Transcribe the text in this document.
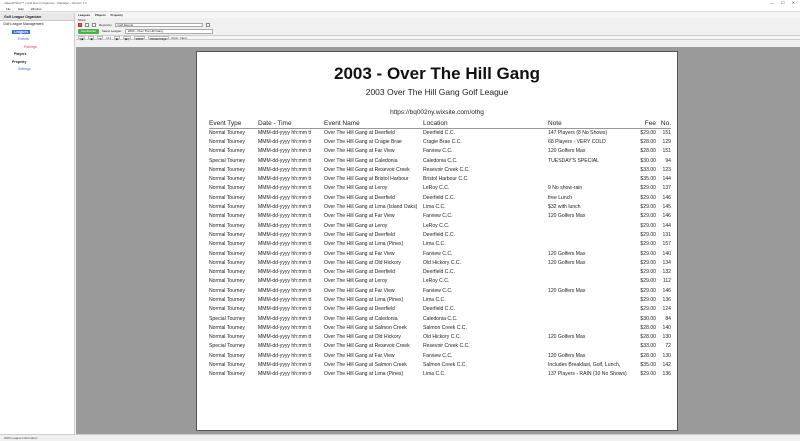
mikesGTW.0™ | Golf Event Organizer - Manager - Version 7.2	— ☐ ✕
File Help Window
Golf League Organizer
Golf League Management
Leagues
Events
Pairings
Players
Property
Settings
Leagues Players Property
Show
Report(s)	Golf Events
Get Events	Select League:	2003 - Over The Hill Gang
|◀	◀	1	of 1	▶	▶|	100%	Whole Page	Find Next
2003 - Over The Hill Gang
2003 Over The Hill Gang Golf League
https://bq002ny.wixsite.com/othg
Event Type	Date - Time	Event Name	Location	Note	Fee	No.
Normal Tourney	MMM-dd-yyyy hh:mm tt	Over The Hill Gang at Deerfield	Deerfield C.C.	147 Players (8 No Shows)	$29.00	151
Normal Tourney	MMM-dd-yyyy hh:mm tt	Over The Hill Gang at Cragie Brae	Cragie Brae C.C.	68 Players - VERY COLD	$28.00	129
Normal Tourney	MMM-dd-yyyy hh:mm tt	Over The Hill Gang at Far View	Farview C.C.	120 Golfers Max	$28.00	151
Special Tourney	MMM-dd-yyyy hh:mm tt	Over The Hill Gang at Caledonia	Caledonia C.C.	TUESDAY'S SPECIAL	$30.00	94
Normal Tourney	MMM-dd-yyyy hh:mm tt	Over The Hill Gang at Resevoir Creek	Resevoir Creek C.C.		$33.00	123
Normal Tourney	MMM-dd-yyyy hh:mm tt	Over The Hill Gang at Bristol Harbour	Bristol Harbour C.C.		$35.00	144
Normal Tourney	MMM-dd-yyyy hh:mm tt	Over The Hill Gang at Leroy	LeRoy C.C.	9 No show-rain	$29.00	137
Normal Tourney	MMM-dd-yyyy hh:mm tt	Over The Hill Gang at Deerfield	Deerfield C.C.	free Lunch	$29.00	146
Normal Tourney	MMM-dd-yyyy hh:mm tt	Over The Hill Gang at Lima (Island Oaks)	Lima C.C.	$32 with lunch	$29.00	145
Normal Tourney	MMM-dd-yyyy hh:mm tt	Over The Hill Gang at Far View	Farview C.C.	120 Golfers Max	$29.00	146
Normal Tourney	MMM-dd-yyyy hh:mm tt	Over The Hill Gang at Leroy	LeRoy C.C.		$29.00	144
Normal Tourney	MMM-dd-yyyy hh:mm tt	Over The Hill Gang at Deerfield	Deerfield C.C.		$29.00	131
Normal Tourney	MMM-dd-yyyy hh:mm tt	Over The Hill Gang at Lima (Pines)	Lima C.C.		$29.00	157
Normal Tourney	MMM-dd-yyyy hh:mm tt	Over The Hill Gang at Far View	Farview C.C.	120 Golfers Max	$29.00	140
Normal Tourney	MMM-dd-yyyy hh:mm tt	Over The Hill Gang at Old Hickory	Old Hickory C.C.	120 Golfers Max	$29.00	134
Normal Tourney	MMM-dd-yyyy hh:mm tt	Over The Hill Gang at Deerfield	Deerfield C.C.		$29.00	132
Normal Tourney	MMM-dd-yyyy hh:mm tt	Over The Hill Gang at Leroy	LeRoy C.C.		$29.00	112
Normal Tourney	MMM-dd-yyyy hh:mm tt	Over The Hill Gang at Far View	Farview C.C.	120 Golfers Max	$29.00	146
Normal Tourney	MMM-dd-yyyy hh:mm tt	Over The Hill Gang at Lima (Pines)	Lima C.C.		$29.00	136
Normal Tourney	MMM-dd-yyyy hh:mm tt	Over The Hill Gang at Deerfield	Deerfield C.C.		$29.00	124
Special Tourney	MMM-dd-yyyy hh:mm tt	Over The Hill Gang at Caledonia	Caledonia C.C.		$30.00	84
Normal Tourney	MMM-dd-yyyy hh:mm tt	Over The Hill Gang at Salmon Creek	Salmon Creek C.C.		$28.00	140
Normal Tourney	MMM-dd-yyyy hh:mm tt	Over The Hill Gang at Old Hickory	Old Hickory C.C.	120 Golfers Max	$28.00	130
Special Tourney	MMM-dd-yyyy hh:mm tt	Over The Hill Gang at Resevoir Creek	Resevoir Creek C.C.		$33.00	72
Normal Tourney	MMM-dd-yyyy hh:mm tt	Over The Hill Gang at Far View	Farview C.C.	120 Golfers Max	$28.00	130
Normal Tourney	MMM-dd-yyyy hh:mm tt	Over The Hill Gang at Salmon Creek	Salmon Creek C.C.	Includes Breakfast, Golf, Lunch,	$35.00	142
Normal Tourney	MMM-dd-yyyy hh:mm tt	Over The Hill Gang at Lima (Pines)	Lima C.C.	137 Players - RAIN (10 No Shows)	$29.00	136
2003 League Information
